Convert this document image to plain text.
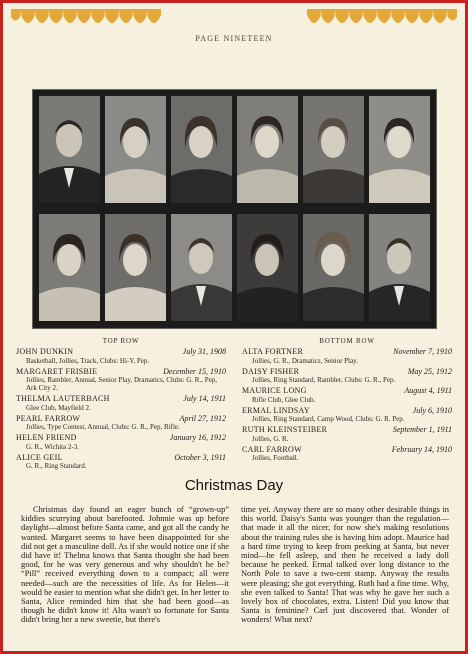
PAGE NINETEEN
TOP ROW
JOHN DUNKIN	July 31, 1908
Basketball, Jollies, Track, Clubs: Hi-Y, Pep.
MARGARET FRISBIE	December 15, 1910
Jollies, Rambler, Annual, Senior Play, Dramatics, Clubs: G. R., Pep, Ark City 2.
THELMA LAUTERBACH	July 14, 1911
Glee Club, Mayfield 2.
PEARL FARROW	April 27, 1912
Jollies, Type Contest, Annual, Clubs: G. R., Pep, Rifle.
HELEN FRIEND	January 16, 1912
G. R., Wichita 2-3.
ALICE GEIL	October 3, 1911
G. R., Ring Standard.
BOTTOM ROW
ALTA FORTNER	November 7, 1910
Jollies, G. R., Dramatics, Senior Play.
DAISY FISHER	May 25, 1912
Jollies, Ring Standard, Rambler, Clubs: G. R., Pep.
MAURICE LONG	August 4, 1911
Rifle Club, Glee Club.
ERMAL LINDSAY	July 6, 1910
Jollies, Ring Standard, Camp Wood, Clubs: G. R. Pep.
RUTH KLEINSTEIBER	September 1, 1911
Jollies, G. R.
CARL FARROW	February 14, 1910
Jollies, Football.
Christmas Day
Christmas day found an eager bunch of “grown-up” kiddies scurrying about barefooted. Johnnie was up before daylight—almost before Santa came, and got all the candy he wanted. Margaret seems to have been disappointed for she did not get a masculine doll. As if she would notice one if she did have it! Thelma knows that Santa thought she had been good, for he was very generous and why shouldn't he be? “Pill” received everything down to a compact; all were needed—such are the necessities of life. As for Helen—it would be easier to mention what she didn't get. In her letter to Santa, Alice reminded him that she had been good—as though he didn't know it! Alta wasn't so fortunate for Santa didn't bring her a new sweetie, but there's
time yet. Anyway there are so many other desirable things in this world. Daisy's Santa was younger than the regulation—that made it all the nicer, for now she's making resolutions about the training rules she is having him adopt. Maurice had a hard time trying to keep from peeking at Santa, but never mind—he fell asleep, and then he received a lady doll because he peeked. Ermal talked over long distance to the North Pole to save a two-cent stamp. Anyway the results were pleasing; she got everything. Ruth had a fine time. Why, she even talked to Santa! That was why he gave her such a lovely box of chocolates, extra. Listen! Did you know that Santa is feminine? Carl just discovered that. Wonder of wonders! What next?
